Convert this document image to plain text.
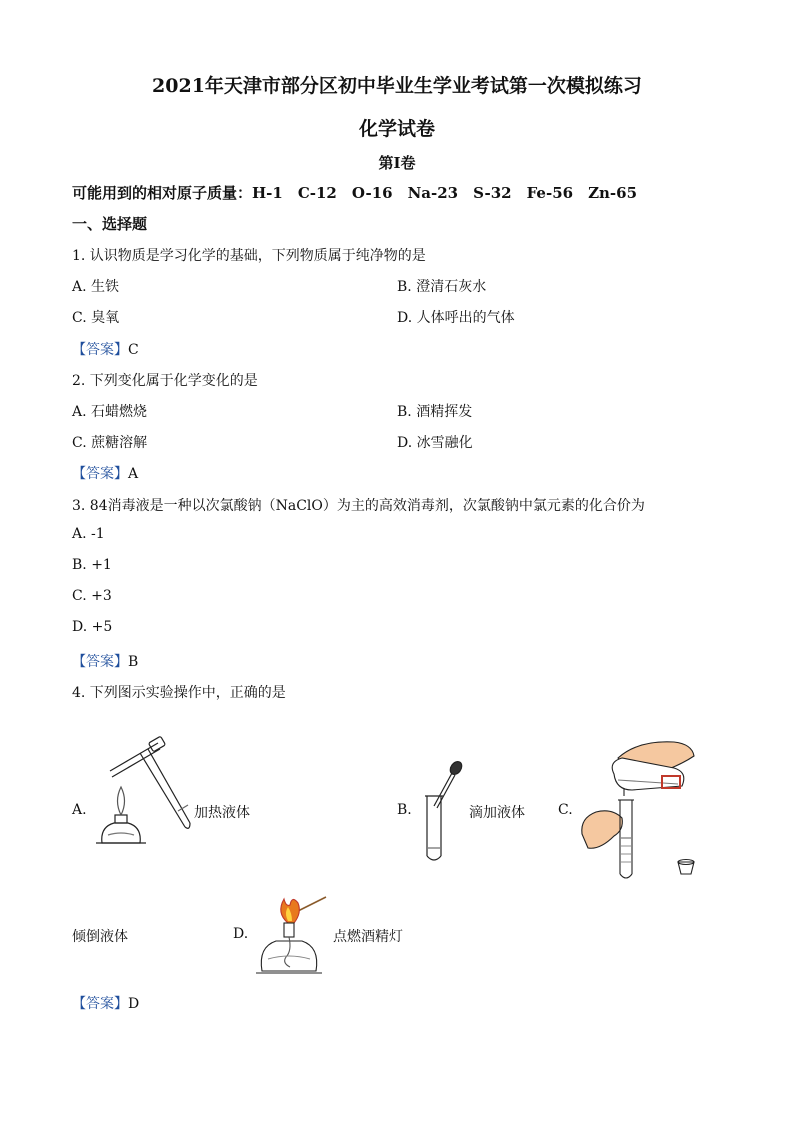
2021年天津市部分区初中毕业生学业考试第一次模拟练习
化学试卷
第Ⅰ卷
可能用到的相对原子质量：H-1　C-12　O-16　Na-23　S-32　Fe-56　Zn-65
一、选择题
1. 认识物质是学习化学的基础，下列物质属于纯净物的是
A. 生铁	B. 澄清石灰水
C. 臭氧	D. 人体呼出的气体
【答案】C
2. 下列变化属于化学变化的是
A. 石蜡燃烧	B. 酒精挥发
C. 蔗糖溶解	D. 冰雪融化
【答案】A
3. 84消毒液是一种以次氯酸钠（NaClO）为主的高效消毒剂，次氯酸钠中氯元素的化合价为
A. -1
B. +1
C. +3
D. +5
【答案】B
4. 下列图示实验操作中，正确的是
A.	加热液体	B.	滴加液体 C.
倾倒液体	D.	点燃酒精灯
【答案】D
